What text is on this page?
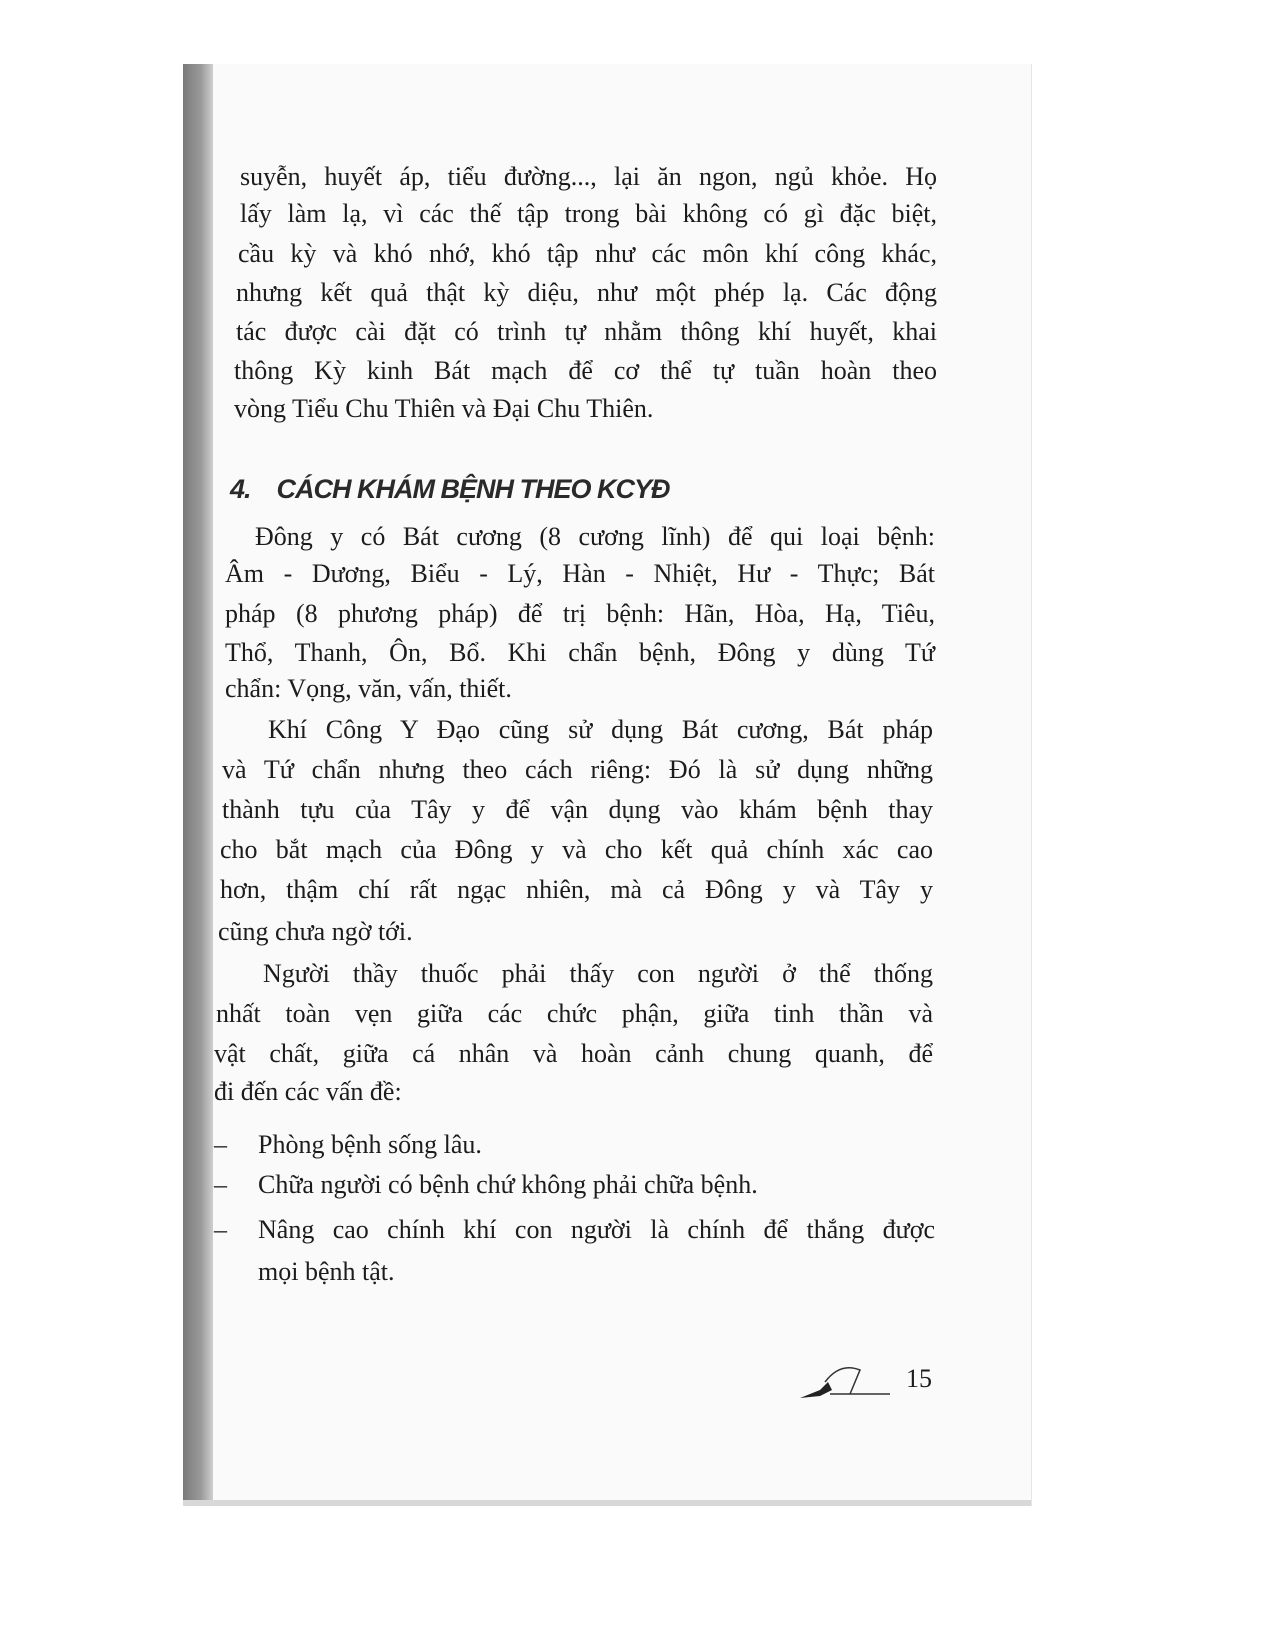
suyễn, huyết áp, tiểu đường..., lại ăn ngon, ngủ khỏe. Họ
lấy làm lạ, vì các thế tập trong bài không có gì đặc biệt,
cầu kỳ và khó nhớ, khó tập như các môn khí công khác,
nhưng kết quả thật kỳ diệu, như một phép lạ. Các động
tác được cài đặt có trình tự nhằm thông khí huyết, khai
thông Kỳ kinh Bát mạch để cơ thể tự tuần hoàn theo
vòng Tiểu Chu Thiên và Đại Chu Thiên.
4. CÁCH KHÁM BỆNH THEO KCYĐ
Đông y có Bát cương (8 cương lĩnh) để qui loại bệnh:
Âm - Dương, Biểu - Lý, Hàn - Nhiệt, Hư - Thực; Bát
pháp (8 phương pháp) để trị bệnh: Hãn, Hòa, Hạ, Tiêu,
Thổ, Thanh, Ôn, Bổ. Khi chẩn bệnh, Đông y dùng Tứ
chẩn: Vọng, văn, vấn, thiết.
Khí Công Y Đạo cũng sử dụng Bát cương, Bát pháp
và Tứ chẩn nhưng theo cách riêng: Đó là sử dụng những
thành tựu của Tây y để vận dụng vào khám bệnh thay
cho bắt mạch của Đông y và cho kết quả chính xác cao
hơn, thậm chí rất ngạc nhiên, mà cả Đông y và Tây y
cũng chưa ngờ tới.
Người thầy thuốc phải thấy con người ở thể thống
nhất toàn vẹn giữa các chức phận, giữa tinh thần và
vật chất, giữa cá nhân và hoàn cảnh chung quanh, để
đi đến các vấn đề:
– Phòng bệnh sống lâu.
– Chữa người có bệnh chứ không phải chữa bệnh.
– Nâng cao chính khí con người là chính để thắng được
mọi bệnh tật.
15
